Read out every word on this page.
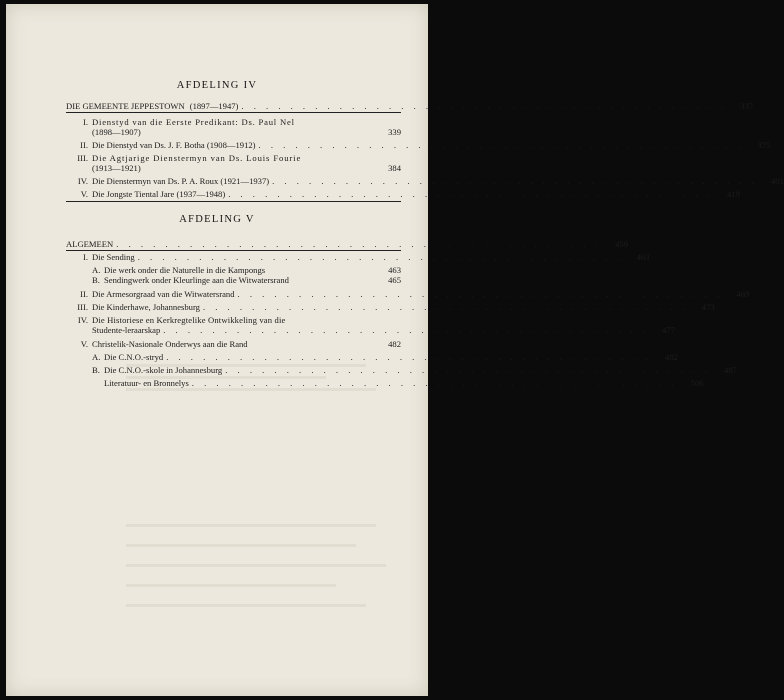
AFDELING IV
DIE GEMEENTE JEPPESTOWN (1897—1947) . . . . . . . . . . . . . . . . . . . . . . . . . . . . . . . . . . . . . . . .	337
I. Dienstyd van die Eerste Predikant: Ds. Paul Nel
(1898—1907)	339
II. Die Dienstyd van Ds. J. F. Botha (1908—1912) . . . . . . . . . . . . . . . . . . . . . . . . . . . . . . . . . . . . . . . .	375
III. Die Agtjarige Dienstermyn van Ds. Louis Fourie
(1913—1921)	384
IV. Die Dienstermyn van Ds. P. A. Roux (1921—1937) . . . . . . . . . . . . . . . . . . . . . . . . . . . . . . . . . . . . . . . .	401
V. Die Jongste Tiental Jare (1937—1948) . . . . . . . . . . . . . . . . . . . . . . . . . . . . . . . . . . . . . . . .	419
AFDELING V
ALGEMEEN . . . . . . . . . . . . . . . . . . . . . . . . . . . . . . . . . . . . . . . .	459
I. Die Sending . . . . . . . . . . . . . . . . . . . . . . . . . . . . . . . . . . . . . . . .	463
A. Die werk onder die Naturelle in die Kampongs	463
B. Sendingwerk onder Kleurlinge aan die Witwatersrand	465
II. Die Armesorgraad van die Witwatersrand . . . . . . . . . . . . . . . . . . . . . . . . . . . . . . . . . . . . . . . .	469
III. Die Kinderhawe, Johannesburg . . . . . . . . . . . . . . . . . . . . . . . . . . . . . . . . . . . . . . . .	473
IV. Die Historiese en Kerkregtelike Ontwikkeling van die
Studente-leraarskap . . . . . . . . . . . . . . . . . . . . . . . . . . . . . . . . . . . . . . . .	477
V. Christelik-Nasionale Onderwys aan die Rand	482
A. Die C.N.O.-stryd . . . . . . . . . . . . . . . . . . . . . . . . . . . . . . . . . . . . . . . .	482
B. Die C.N.O.-skole in Johannesburg . . . . . . . . . . . . . . . . . . . . . . . . . . . . . . . . . . . . . . . .	487
Literatuur- en Bronnelys . . . . . . . . . . . . . . . . . . . . . . . . . . . . . . . . . . . . . . . .	506
